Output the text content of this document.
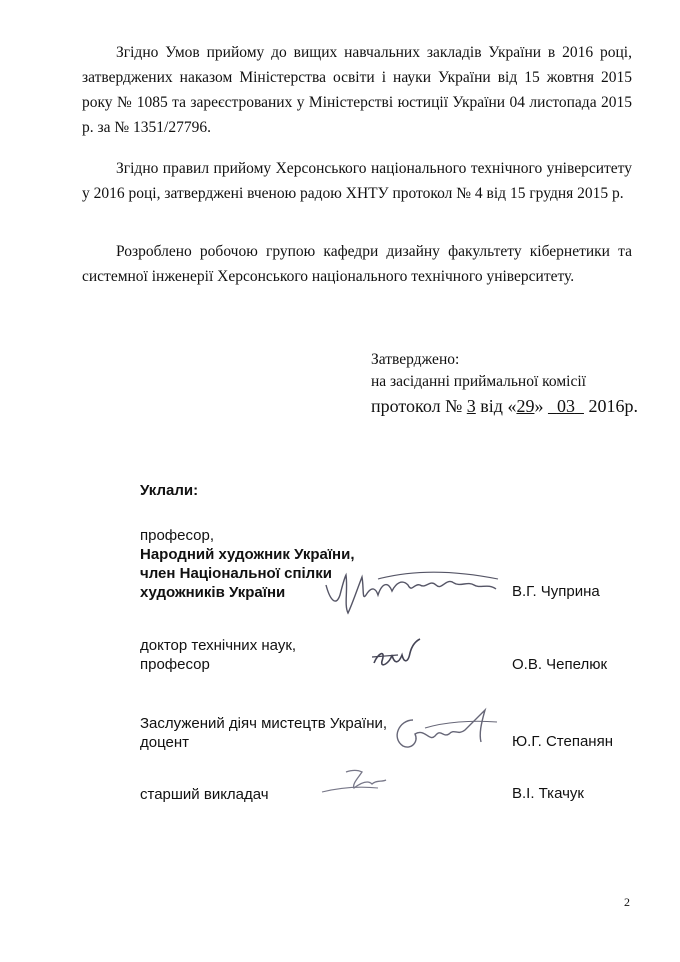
Згідно Умов прийому до вищих навчальних закладів України в 2016 році, затверджених наказом Міністерства освіти і науки України від 15 жовтня 2015 року № 1085 та зареєстрованих у Міністерстві юстиції України 04 листопада 2015 р. за № 1351/27796.

Згідно правил прийому Херсонського національного технічного університету у 2016 році, затверджені вченою радою ХНТУ протокол № 4 від 15 грудня 2015 р.

Розроблено робочою групою кафедри дизайну факультету кібернетики та системної інженерії Херсонського національного технічного університету.

Затверджено:
на засіданні приймальної комісії
протокол № 3 від «29» 03 2016р.
Уклали:
професор,
Народний художник України,
член Національної спілки
художників України	В.Г. Чуприна
доктор технічних наук,
професор	О.В. Чепелюк
Заслужений діяч мистецтв України,
доцент	Ю.Г. Степанян
старший викладач	В.І. Ткачук
2
